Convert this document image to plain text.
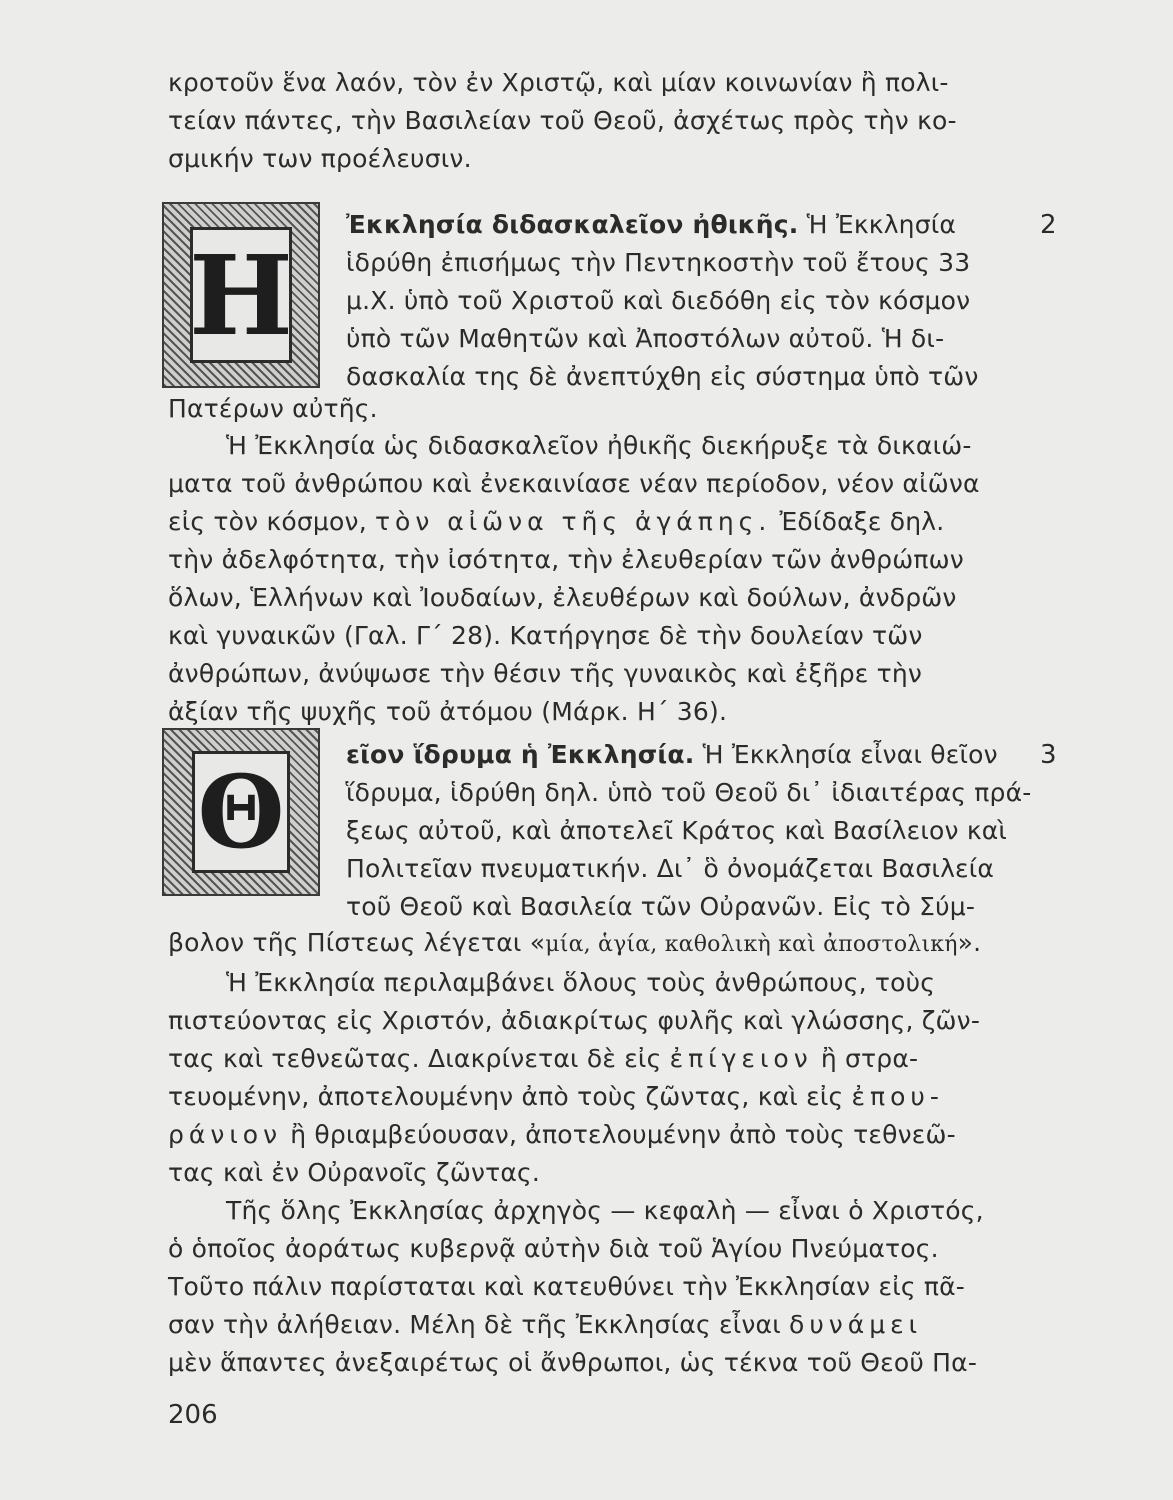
κροτοῦν ἕνα λαόν, τὸν ἐν Χριστῷ, καὶ μίαν κοινωνίαν ἢ πολι-
τείαν πάντες, τὴν Βασιλείαν τοῦ Θεοῦ, ἀσχέτως πρὸς τὴν κο-
σμικήν των προέλευσιν.
H
2
Ἐκκλησία διδασκαλεῖον ἠθικῆς. Ἡ Ἐκκλησία
ἱδρύθη ἐπισήμως τὴν Πεντηκοστὴν τοῦ ἔτους 33
μ.Χ. ὑπὸ τοῦ Χριστοῦ καὶ διεδόθη εἰς τὸν κόσμον
ὑπὸ τῶν Μαθητῶν καὶ Ἀποστόλων αὐτοῦ. Ἡ δι-
δασκαλία της δὲ ἀνεπτύχθη εἰς σύστημα ὑπὸ τῶν
Πατέρων αὐτῆς.
Ἡ Ἐκκλησία ὡς διδασκαλεῖον ἠθικῆς διεκήρυξε τὰ δικαιώ-
ματα τοῦ ἀνθρώπου καὶ ἐνεκαινίασε νέαν περίοδον, νέον αἰῶνα
εἰς τὸν κόσμον, τὸν αἰῶνα τῆς ἀγάπης. Ἐδίδαξε δηλ.
τὴν ἀδελφότητα, τὴν ἰσότητα, τὴν ἐλευθερίαν τῶν ἀνθρώπων
ὅλων, Ἑλλήνων καὶ Ἰουδαίων, ἐλευθέρων καὶ δούλων, ἀνδρῶν
καὶ γυναικῶν (Γαλ. Γ΄ 28). Κατήργησε δὲ τὴν δουλείαν τῶν
ἀνθρώπων, ἀνύψωσε τὴν θέσιν τῆς γυναικὸς καὶ ἐξῆρε τὴν
ἀξίαν τῆς ψυχῆς τοῦ ἀτόμου (Μάρκ. Η΄ 36).
Θ	3
εῖον ἵδρυμα ἡ Ἐκκλησία. Ἡ Ἐκκλησία εἶναι θεῖον
ἵδρυμα, ἱδρύθη δηλ. ὑπὸ τοῦ Θεοῦ δι᾽ ἰδιαιτέρας πρά-
ξεως αὐτοῦ, καὶ ἀποτελεῖ Κράτος καὶ Βασίλειον καὶ
Πολιτεῖαν πνευματικήν. Δι᾽ ὃ ὀνομάζεται Βασιλεία
τοῦ Θεοῦ καὶ Βασιλεία τῶν Οὐρανῶν. Εἰς τὸ Σύμ-
βολον τῆς Πίστεως λέγεται «μία, ἁγία, καθολικὴ καὶ ἀποστολική».
Ἡ Ἐκκλησία περιλαμβάνει ὅλους τοὺς ἀνθρώπους, τοὺς
πιστεύοντας εἰς Χριστόν, ἀδιακρίτως φυλῆς καὶ γλώσσης, ζῶν-
τας καὶ τεθνεῶτας. Διακρίνεται δὲ εἰς ἐπίγειον ἢ στρα-
τευομένην, ἀποτελουμένην ἀπὸ τοὺς ζῶντας, καὶ εἰς ἐπου-
ράνιον ἢ θριαμβεύουσαν, ἀποτελουμένην ἀπὸ τοὺς τεθνεῶ-
τας καὶ ἐν Οὐρανοῖς ζῶντας.
Τῆς ὅλης Ἐκκλησίας ἀρχηγὸς — κεφαλὴ — εἶναι ὁ Χριστός,
ὁ ὁποῖος ἀοράτως κυβερνᾷ αὐτὴν διὰ τοῦ Ἁγίου Πνεύματος.
Τοῦτο πάλιν παρίσταται καὶ κατευθύνει τὴν Ἐκκλησίαν εἰς πᾶ-
σαν τὴν ἀλήθειαν. Μέλη δὲ τῆς Ἐκκλησίας εἶναι δυνάμει
μὲν ἅπαντες ἀνεξαιρέτως οἱ ἄνθρωποι, ὡς τέκνα τοῦ Θεοῦ Πα-
206
